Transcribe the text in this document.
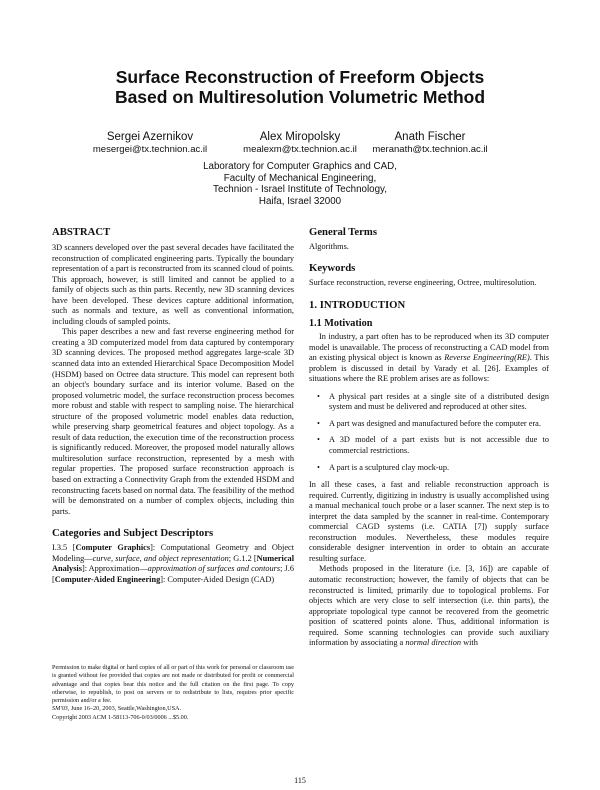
Surface Reconstruction of Freeform Objects
Based on Multiresolution Volumetric Method
Sergei Azernikov
mesergei@tx.technion.ac.il
Alex Miropolsky
mealexm@tx.technion.ac.il
Anath Fischer
meranath@tx.technion.ac.il
Laboratory for Computer Graphics and CAD,
Faculty of Mechanical Engineering,
Technion - Israel Institute of Technology,
Haifa, Israel 32000
ABSTRACT

3D scanners developed over the past several decades have facilitated the reconstruction of complicated engineering parts. Typically the boundary representation of a part is reconstructed from its scanned cloud of points. This approach, however, is still limited and cannot be applied to a family of objects such as thin parts. Recently, new 3D scanning devices have been developed. These devices capture additional information, such as normals and texture, as well as conventional information, including clouds of sampled points.

This paper describes a new and fast reverse engineering method for creating a 3D computerized model from data captured by contemporary 3D scanning devices. The proposed method aggregates large-scale 3D scanned data into an extended Hierarchical Space Decomposition Model (HSDM) based on Octree data structure. This model can represent both an object's boundary surface and its interior volume. Based on the proposed volumetric model, the surface reconstruction process becomes more robust and stable with respect to sampling noise. The hierarchical structure of the proposed volumetric model enables data reduction, while preserving sharp geometrical features and object topology. As a result of data reduction, the execution time of the reconstruction process is significantly reduced. Moreover, the proposed model naturally allows multiresolution surface reconstruction, represented by a mesh with regular properties. The proposed surface reconstruction approach is based on extracting a Connectivity Graph from the extended HSDM and reconstructing facets based on normal data. The feasibility of the method will be demonstrated on a number of complex objects, including thin parts.

Categories and Subject Descriptors

I.3.5 [Computer Graphics]: Computational Geometry and Object Modeling—curve, surface, and object representation; G.1.2 [Numerical Analysis]: Approximation—approximation of surfaces and contours; J.6 [Computer-Aided Engineering]: Computer-Aided Design (CAD)

Permission to make digital or hard copies of all or part of this work for personal or classroom use is granted without fee provided that copies are not made or distributed for profit or commercial advantage and that copies bear this notice and the full citation on the first page. To copy otherwise, to republish, to post on servers or to redistribute to lists, requires prior specific permission and/or a fee.

SM'03, June 16–20, 2003, Seattle,Washington,USA.

Copyright 2003 ACM 1-58113-706-0/03/0006 ...$5.00.

General Terms

Algorithms.

Keywords

Surface reconstruction, reverse engineering, Octree, multiresolution.

1. INTRODUCTION
1.1 Motivation

In industry, a part often has to be reproduced when its 3D computer model is unavailable. The process of reconstructing a CAD model from an existing physical object is known as Reverse Engineering(RE). This problem is discussed in detail by Varady et al. [26]. Examples of situations where the RE problem arises are as follows:

• A physical part resides at a single site of a distributed design system and must be delivered and reproduced at other sites.
• A part was designed and manufactured before the computer era.
• A 3D model of a part exists but is not accessible due to commercial restrictions.
• A part is a sculptured clay mock-up.

In all these cases, a fast and reliable reconstruction approach is required. Currently, digitizing in industry is usually accomplished using a manual mechanical touch probe or a laser scanner. The next step is to interpret the data sampled by the scanner in real-time. Contemporary commercial CAGD systems (i.e. CATIA [7]) supply surface reconstruction modules. Nevertheless, these modules require considerable designer intervention in order to obtain an accurate resulting surface.

Methods proposed in the literature (i.e. [3, 16]) are capable of automatic reconstruction; however, the family of objects that can be reconstructed is limited, primarily due to topological problems. For objects which are very close to self intersection (i.e. thin parts), the appropriate topological type cannot be recovered from the geometric position of scattered points alone. Thus, additional information is required. Some scanning technologies can provide such auxiliary information by associating a normal direction with

115
